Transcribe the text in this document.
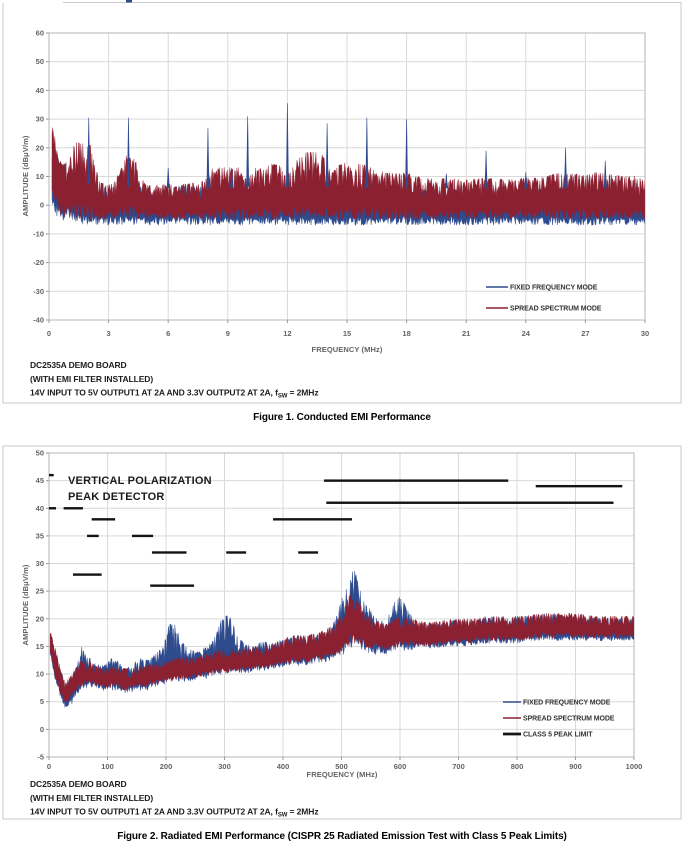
0	3	6	9	12	15	18	21	24	27	30
-40
-30
-20
-10
0
10
20
30
40
50
60
AMPLITUDE (dBμV/m)
FREQUENCY (MHz)
FIXED FREQUENCY MODE
SPREAD SPECTRUM MODE
DC2535A DEMO BOARD
(WITH EMI FILTER INSTALLED)
14V INPUT TO 5V OUTPUT1 AT 2A AND 3.3V OUTPUT2 AT 2A, $f_{SW} = 2MHz$
Figure 1. Conducted EMI Performance
0	100	200	300	400	500	600	700	800	900	1000
-5
0
5
10
15
20
25
30
35
40
45
50
AMPLITUDE (dBμV/m)
FREQUENCY (MHz)
VERTICAL POLARIZATION
PEAK DETECTOR
FIXED FREQUENCY MODE
SPREAD SPECTRUM MODE
CLASS 5 PEAK LIMIT
DC2535A DEMO BOARD
(WITH EMI FILTER INSTALLED)
14V INPUT TO 5V OUTPUT1 AT 2A AND 3.3V OUTPUT2 AT 2A, $f_{SW} = 2MHz$
Figure 2. Radiated EMI Performance (CISPR 25 Radiated Emission Test with Class 5 Peak Limits)
